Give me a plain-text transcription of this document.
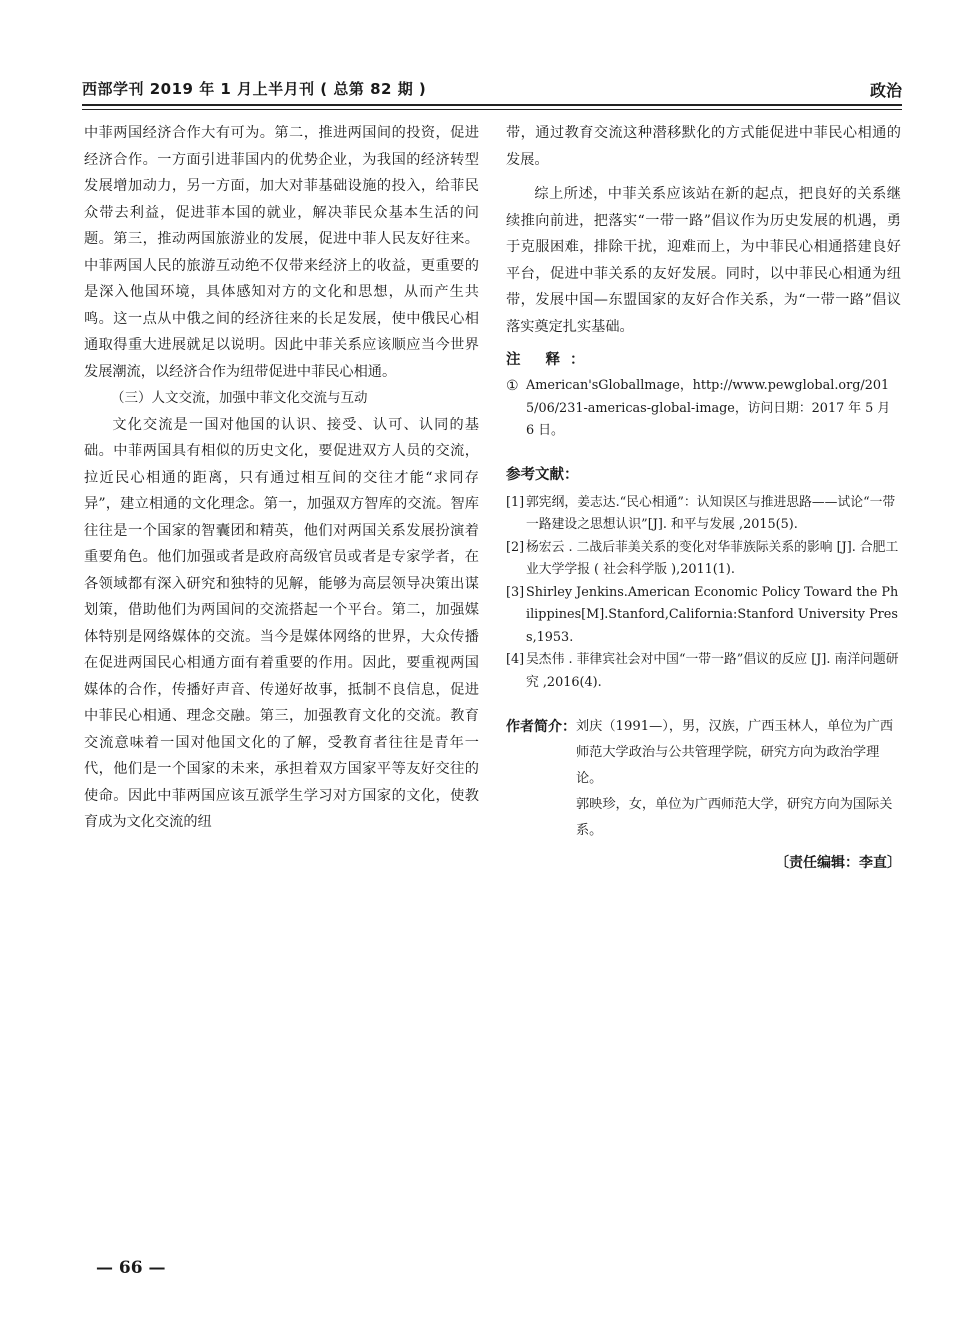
西部学刊 2019 年 1 月上半月刊 ( 总第 82 期 )	政治

中菲两国经济合作大有可为。第二，推进两国间的投资，促进经济合作。一方面引进菲国内的优势企业，为我国的经济转型发展增加动力，另一方面，加大对菲基础设施的投入，给菲民众带去利益，促进菲本国的就业，解决菲民众基本生活的问题。第三，推动两国旅游业的发展，促进中菲人民友好往来。中菲两国人民的旅游互动绝不仅带来经济上的收益，更重要的是深入他国环境，具体感知对方的文化和思想，从而产生共鸣。这一点从中俄之间的经济往来的长足发展，使中俄民心相通取得重大进展就足以说明。因此中菲关系应该顺应当今世界发展潮流，以经济合作为纽带促进中菲民心相通。

（三）人文交流，加强中菲文化交流与互动

文化交流是一国对他国的认识、接受、认可、认同的基础。中菲两国具有相似的历史文化，要促进双方人员的交流，拉近民心相通的距离，只有通过相互间的交往才能“求同存异”，建立相通的文化理念。第一，加强双方智库的交流。智库往往是一个国家的智囊团和精英，他们对两国关系发展扮演着重要角色。他们加强或者是政府高级官员或者是专家学者，在各领域都有深入研究和独特的见解，能够为高层领导决策出谋划策，借助他们为两国间的交流搭起一个平台。第二，加强媒体特别是网络媒体的交流。当今是媒体网络的世界，大众传播在促进两国民心相通方面有着重要的作用。因此，要重视两国媒体的合作，传播好声音、传递好故事，抵制不良信息，促进中菲民心相通、理念交融。第三，加强教育文化的交流。教育交流意味着一国对他国文化的了解，受教育者往往是青年一代，他们是一个国家的未来，承担着双方国家平等友好交往的使命。因此中菲两国应该互派学生学习对方国家的文化，使教育成为文化交流的纽

带，通过教育交流这种潜移默化的方式能促进中菲民心相通的发展。

综上所述，中菲关系应该站在新的起点，把良好的关系继续推向前进，把落实“一带一路”倡议作为历史发展的机遇，勇于克服困难，排除干扰，迎难而上，为中菲民心相通搭建良好平台，促进中菲关系的友好发展。同时，以中菲民心相通为纽带，发展中国—东盟国家的友好合作关系，为“一带一路”倡议落实奠定扎实基础。

注 释：
① American'sGloballmage，http://www.pewglobal.org/2015/06/231-americas-global-image，访问日期：2017 年 5 月 6 日。
参考文献：
[1] 郭宪纲，姜志达.“民心相通”：认知误区与推进思路——试论“一带一路建设之思想认识”[J]. 和平与发展 ,2015(5).
[2] 杨宏云 . 二战后菲美关系的变化对华菲族际关系的影响 [J]. 合肥工业大学学报 ( 社会科学版 ),2011(1).
[3] Shirley Jenkins.American Economic Policy Toward the Philippines[M].Stanford,California:Stanford University Press,1953.
[4] 吴杰伟 . 菲律宾社会对中国“一带一路”倡议的反应 [J]. 南洋问题研究 ,2016(4).
作者简介： 刘庆（1991—），男，汉族，广西玉林人，单位为广西师范大学政治与公共管理学院，研究方向为政治学理论。
郭映珍，女，单位为广西师范大学，研究方向为国际关系。
〔责任编辑：李直〕
— 66 —
